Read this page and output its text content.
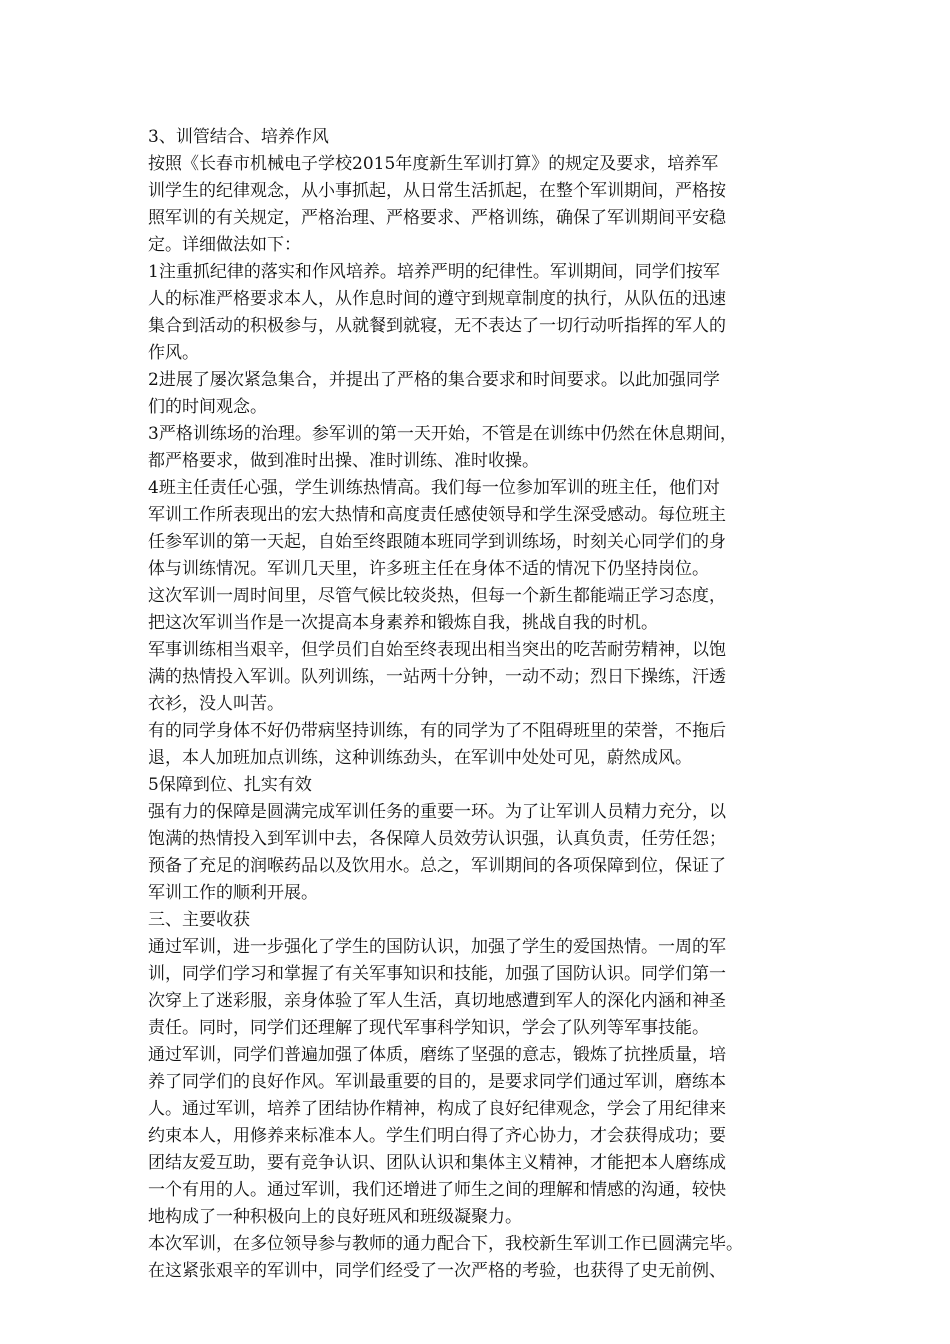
3、训管结合、培养作风
按照《长春市机械电子学校2015年度新生军训打算》的规定及要求，培养军
训学生的纪律观念，从小事抓起，从日常生活抓起，在整个军训期间，严格按
照军训的有关规定，严格治理、严格要求、严格训练，确保了军训期间平安稳
定。详细做法如下：
1注重抓纪律的落实和作风培养。培养严明的纪律性。军训期间，同学们按军
人的标准严格要求本人，从作息时间的遵守到规章制度的执行，从队伍的迅速
集合到活动的积极参与，从就餐到就寝，无不表达了一切行动听指挥的军人的
作风。
2进展了屡次紧急集合，并提出了严格的集合要求和时间要求。以此加强同学
们的时间观念。
3严格训练场的治理。参军训的第一天开始，不管是在训练中仍然在休息期间，
都严格要求，做到准时出操、准时训练、准时收操。
4班主任责任心强，学生训练热情高。我们每一位参加军训的班主任，他们对
军训工作所表现出的宏大热情和高度责任感使领导和学生深受感动。每位班主
任参军训的第一天起，自始至终跟随本班同学到训练场，时刻关心同学们的身
体与训练情况。军训几天里，许多班主任在身体不适的情况下仍坚持岗位。
这次军训一周时间里，尽管气候比较炎热，但每一个新生都能端正学习态度，
把这次军训当作是一次提高本身素养和锻炼自我，挑战自我的时机。
军事训练相当艰辛，但学员们自始至终表现出相当突出的吃苦耐劳精神，以饱
满的热情投入军训。队列训练，一站两十分钟，一动不动；烈日下操练，汗透
衣衫，没人叫苦。
有的同学身体不好仍带病坚持训练，有的同学为了不阻碍班里的荣誉，不拖后
退，本人加班加点训练，这种训练劲头，在军训中处处可见，蔚然成风。
5保障到位、扎实有效
强有力的保障是圆满完成军训任务的重要一环。为了让军训人员精力充分，以
饱满的热情投入到军训中去，各保障人员效劳认识强，认真负责，任劳任怨；
预备了充足的润喉药品以及饮用水。总之，军训期间的各项保障到位，保证了
军训工作的顺利开展。
三、主要收获
通过军训，进一步强化了学生的国防认识，加强了学生的爱国热情。一周的军
训，同学们学习和掌握了有关军事知识和技能，加强了国防认识。同学们第一
次穿上了迷彩服，亲身体验了军人生活，真切地感遭到军人的深化内涵和神圣
责任。同时，同学们还理解了现代军事科学知识，学会了队列等军事技能。
通过军训，同学们普遍加强了体质，磨练了坚强的意志，锻炼了抗挫质量，培
养了同学们的良好作风。军训最重要的目的，是要求同学们通过军训，磨练本
人。通过军训，培养了团结协作精神，构成了良好纪律观念，学会了用纪律来
约束本人，用修养来标准本人。学生们明白得了齐心协力，才会获得成功；要
团结友爱互助，要有竞争认识、团队认识和集体主义精神，才能把本人磨练成
一个有用的人。通过军训，我们还增进了师生之间的理解和情感的沟通，较快
地构成了一种积极向上的良好班风和班级凝聚力。
本次军训，在多位领导参与教师的通力配合下，我校新生军训工作已圆满完毕。
在这紧张艰辛的军训中，同学们经受了一次严格的考验，也获得了史无前例、
